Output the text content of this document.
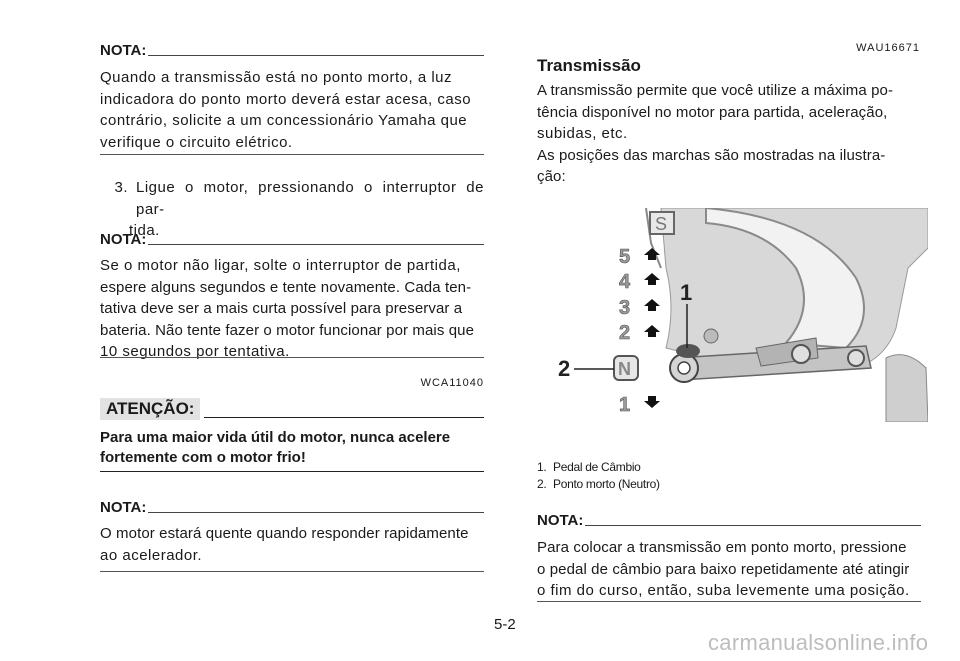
NOTA:
Quando a transmissão está no ponto morto, a luz
indicadora do ponto morto deverá estar acesa, caso
contrário, solicite a um concessionário Yamaha que
verifique o circuito elétrico.
3. Ligue o motor, pressionando o interruptor de par-
tida.
NOTA:
Se o motor não ligar, solte o interruptor de partida,
espere alguns segundos e tente novamente. Cada ten-
tativa deve ser a mais curta possível para preservar a
bateria. Não tente fazer o motor funcionar por mais que
10 segundos por tentativa.
WCA11040
ATENÇÃO:
Para uma maior vida útil do motor, nunca acelere
fortemente com o motor frio!
NOTA:
O motor estará quente quando responder rapidamente
ao acelerador.
WAU16671
Transmissão
A transmissão permite que você utilize a máxima po-
tência disponível no motor para partida, aceleração,
subidas, etc.
As posições das marchas são mostradas na ilustra-
ção:
S
5
4
3
2
1
N
1
2
1. Pedal de Câmbio
2. Ponto morto (Neutro)
NOTA:
Para colocar a transmissão em ponto morto, pressione
o pedal de câmbio para baixo repetidamente até atingir
o fim do curso, então, suba levemente uma posição.
5-2
carmanualsonline.info
